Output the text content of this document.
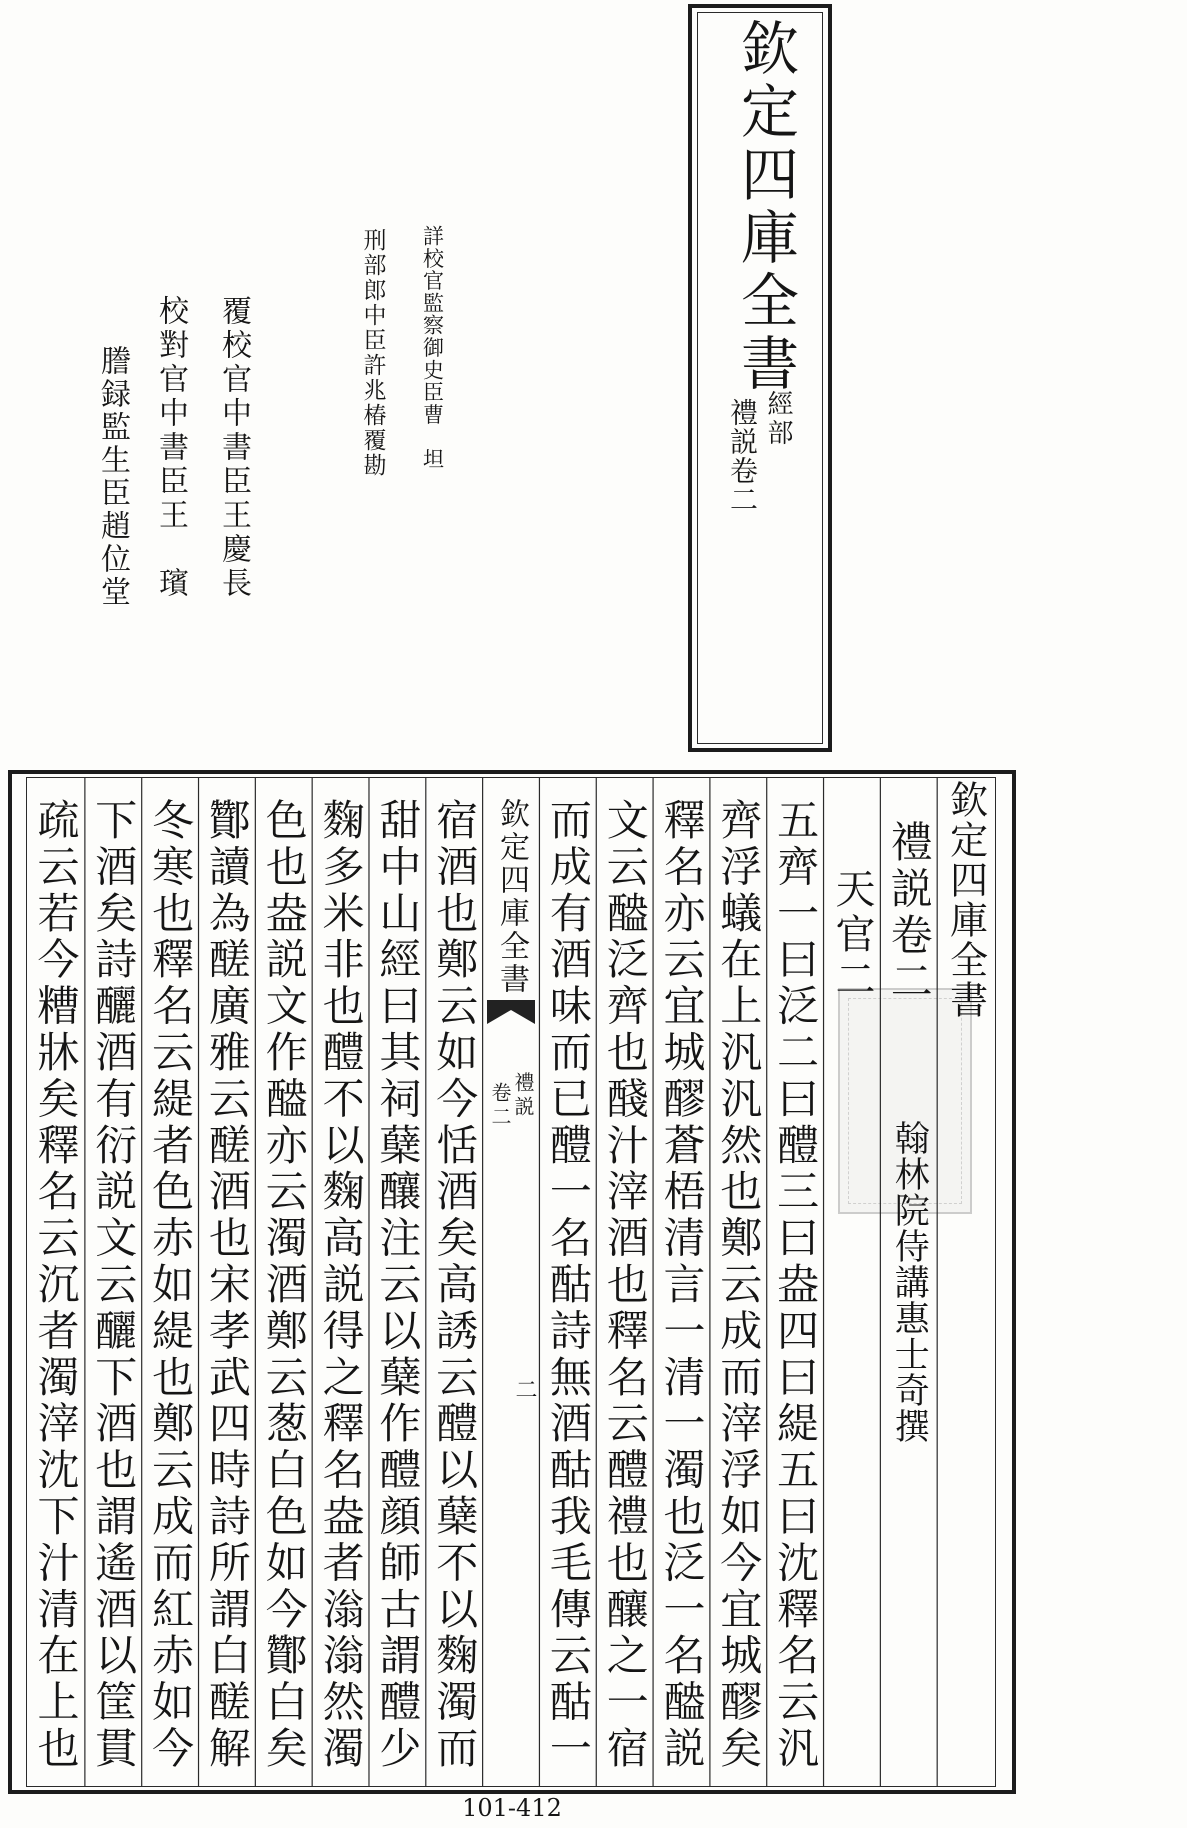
欽定四庫全書
經部
禮説卷二
詳校官監察御史臣曹　坦
刑部郎中臣許兆椿覆勘
覆校官中書臣王慶長
校對官中書臣王　璸
謄録監生臣趙位堂
欽定四庫全書
禮説卷二
翰林院侍講惠士奇撰
天官二
五齊一曰泛二曰醴三曰盎四曰緹五曰沈釋名云汎
齊浮蟻在上汎汎然也鄭云成而滓浮如今宜城醪矣
釋名亦云宜城醪蒼梧清言一清一濁也泛一名醠説
文云醠泛齊也醆汁滓酒也釋名云醴禮也釀之一宿
而成有酒味而已醴一名酤詩無酒酤我毛傳云酤一
欽定四庫全書
禮説
卷二
二
宿酒也鄭云如今恬酒矣高誘云醴以蘖不以麴濁而
甜中山經曰其祠蘖釀注云以蘖作醴顔師古謂醴少
麴多米非也醴不以麴高説得之釋名盎者滃滃然濁
色也盎説文作醠亦云濁酒鄭云葱白色如今酇白矣
酇讀為醝廣雅云醝酒也宋孝武四時詩所謂白醝解
冬寒也釋名云緹者色赤如緹也鄭云成而紅赤如今
下酒矣詩釃酒有衍説文云釃下酒也謂遙酒以筐貫
疏云若今糟牀矣釋名云沉者濁滓沈下汁清在上也
101-412
